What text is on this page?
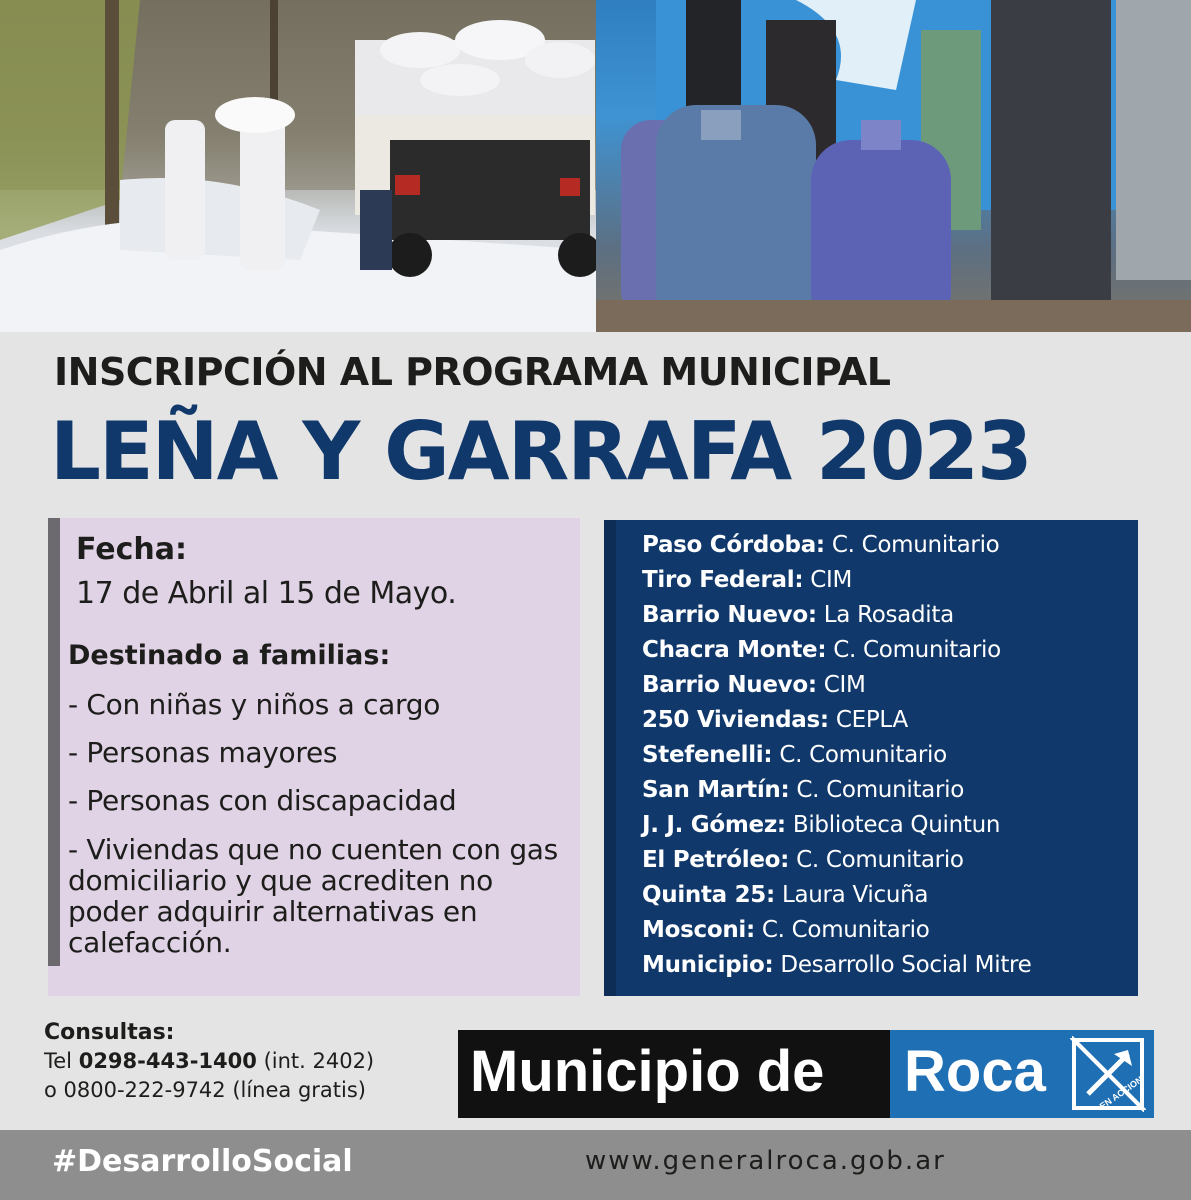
INSCRIPCIÓN AL PROGRAMA MUNICIPAL
LEÑA Y GARRAFA 2023
Fecha:
17 de Abril al 15 de Mayo.
Destinado a familias:
- Con niñas y niños a cargo
- Personas mayores
- Personas con discapacidad
- Viviendas que no cuenten con gas domiciliario y que acrediten no poder adquirir alternativas en calefacción.
Paso Córdoba: C. Comunitario
Tiro Federal: CIM
Barrio Nuevo: La Rosadita
Chacra Monte: C. Comunitario
Barrio Nuevo: CIM
250 Viviendas: CEPLA
Stefenelli: C. Comunitario
San Martín: C. Comunitario
J. J. Gómez: Biblioteca Quintun
El Petróleo: C. Comunitario
Quinta 25: Laura Vicuña
Mosconi: C. Comunitario
Municipio: Desarrollo Social Mitre
Consultas:
Tel 0298-443-1400 (int. 2402)
o 0800-222-9742 (línea gratis) Municipio de Roca	EN ACCION
#DesarrolloSocial	www.generalroca.gob.ar
